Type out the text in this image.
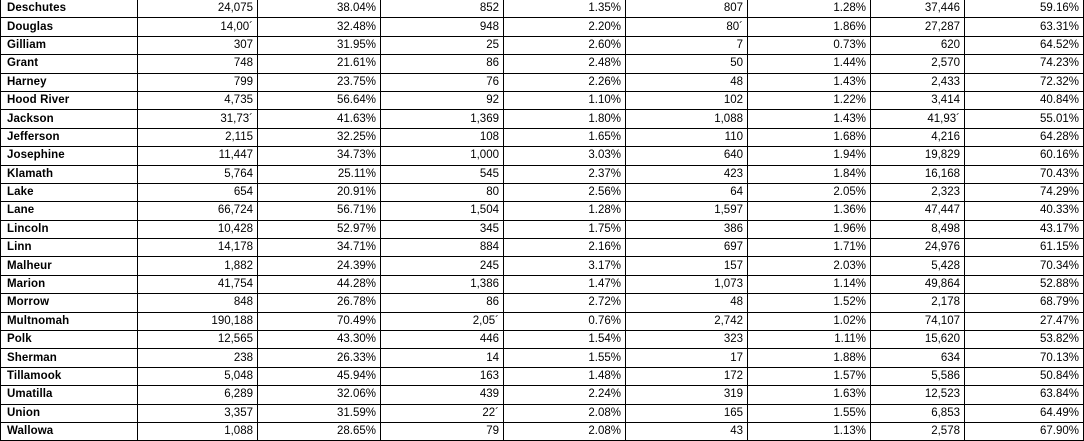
Deschutes	24,075	38.04%	852	1.35%	807	1.28%	37,446	59.16%
Douglas	14,00´	32.48%	948	2.20%	80´	1.86%	27,287	63.31%
Gilliam	307	31.95%	25	2.60%	7	0.73%	620	64.52%
Grant	748	21.61%	86	2.48%	50	1.44%	2,570	74.23%
Harney	799	23.75%	76	2.26%	48	1.43%	2,433	72.32%
Hood River	4,735	56.64%	92	1.10%	102	1.22%	3,414	40.84%
Jackson	31,73´	41.63%	1,369	1.80%	1,088	1.43%	41,93´	55.01%
Jefferson	2,115	32.25%	108	1.65%	110	1.68%	4,216	64.28%
Josephine	11,447	34.73%	1,000	3.03%	640	1.94%	19,829	60.16%
Klamath	5,764	25.11%	545	2.37%	423	1.84%	16,168	70.43%
Lake	654	20.91%	80	2.56%	64	2.05%	2,323	74.29%
Lane	66,724	56.71%	1,504	1.28%	1,597	1.36%	47,447	40.33%
Lincoln	10,428	52.97%	345	1.75%	386	1.96%	8,498	43.17%
Linn	14,178	34.71%	884	2.16%	697	1.71%	24,976	61.15%
Malheur	1,882	24.39%	245	3.17%	157	2.03%	5,428	70.34%
Marion	41,754	44.28%	1,386	1.47%	1,073	1.14%	49,864	52.88%
Morrow	848	26.78%	86	2.72%	48	1.52%	2,178	68.79%
Multnomah	190,188	70.49%	2,05´	0.76%	2,742	1.02%	74,107	27.47%
Polk	12,565	43.30%	446	1.54%	323	1.11%	15,620	53.82%
Sherman	238	26.33%	14	1.55%	17	1.88%	634	70.13%
Tillamook	5,048	45.94%	163	1.48%	172	1.57%	5,586	50.84%
Umatilla	6,289	32.06%	439	2.24%	319	1.63%	12,523	63.84%
Union	3,357	31.59%	22´	2.08%	165	1.55%	6,853	64.49%
Wallowa	1,088	28.65%	79	2.08%	43	1.13%	2,578	67.90%
